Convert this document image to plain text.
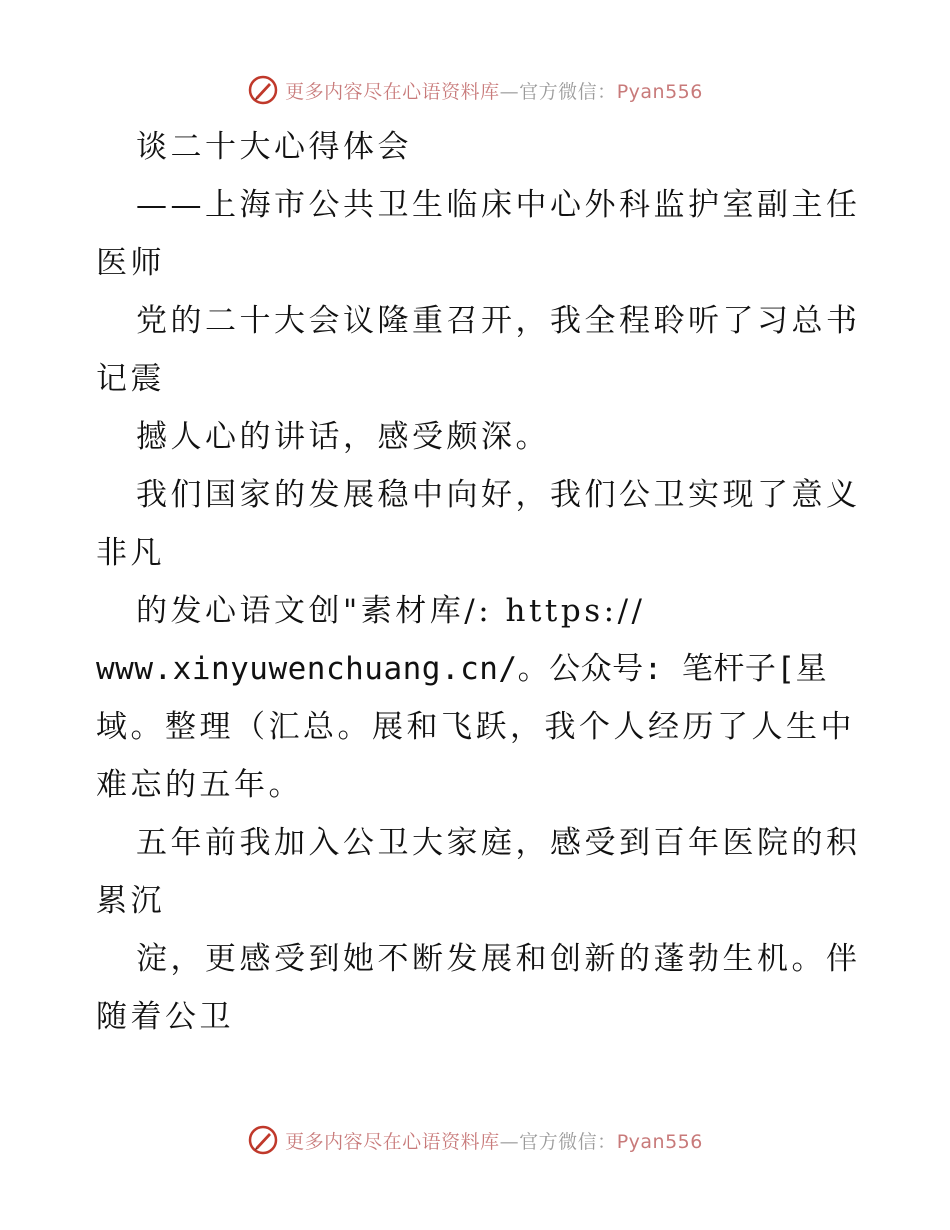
更多内容尽在心语资料库—官方微信：Pyan556
谈二十大心得体会
——上海市公共卫生临床中心外科监护室副主任
医师
党的二十大会议隆重召开，我全程聆听了习总书
记震
撼人心的讲话，感受颇深。
我们国家的发展稳中向好，我们公卫实现了意义
非凡
的发心语文创"素材库/: https://
www.xinyuwenchuang.cn/。公众号: 笔杆子[星
域。整理（汇总。展和飞跃，我个人经历了人生中
难忘的五年。
五年前我加入公卫大家庭，感受到百年医院的积
累沉
淀，更感受到她不断发展和创新的蓬勃生机。伴
随着公卫
更多内容尽在心语资料库—官方微信：Pyan556
